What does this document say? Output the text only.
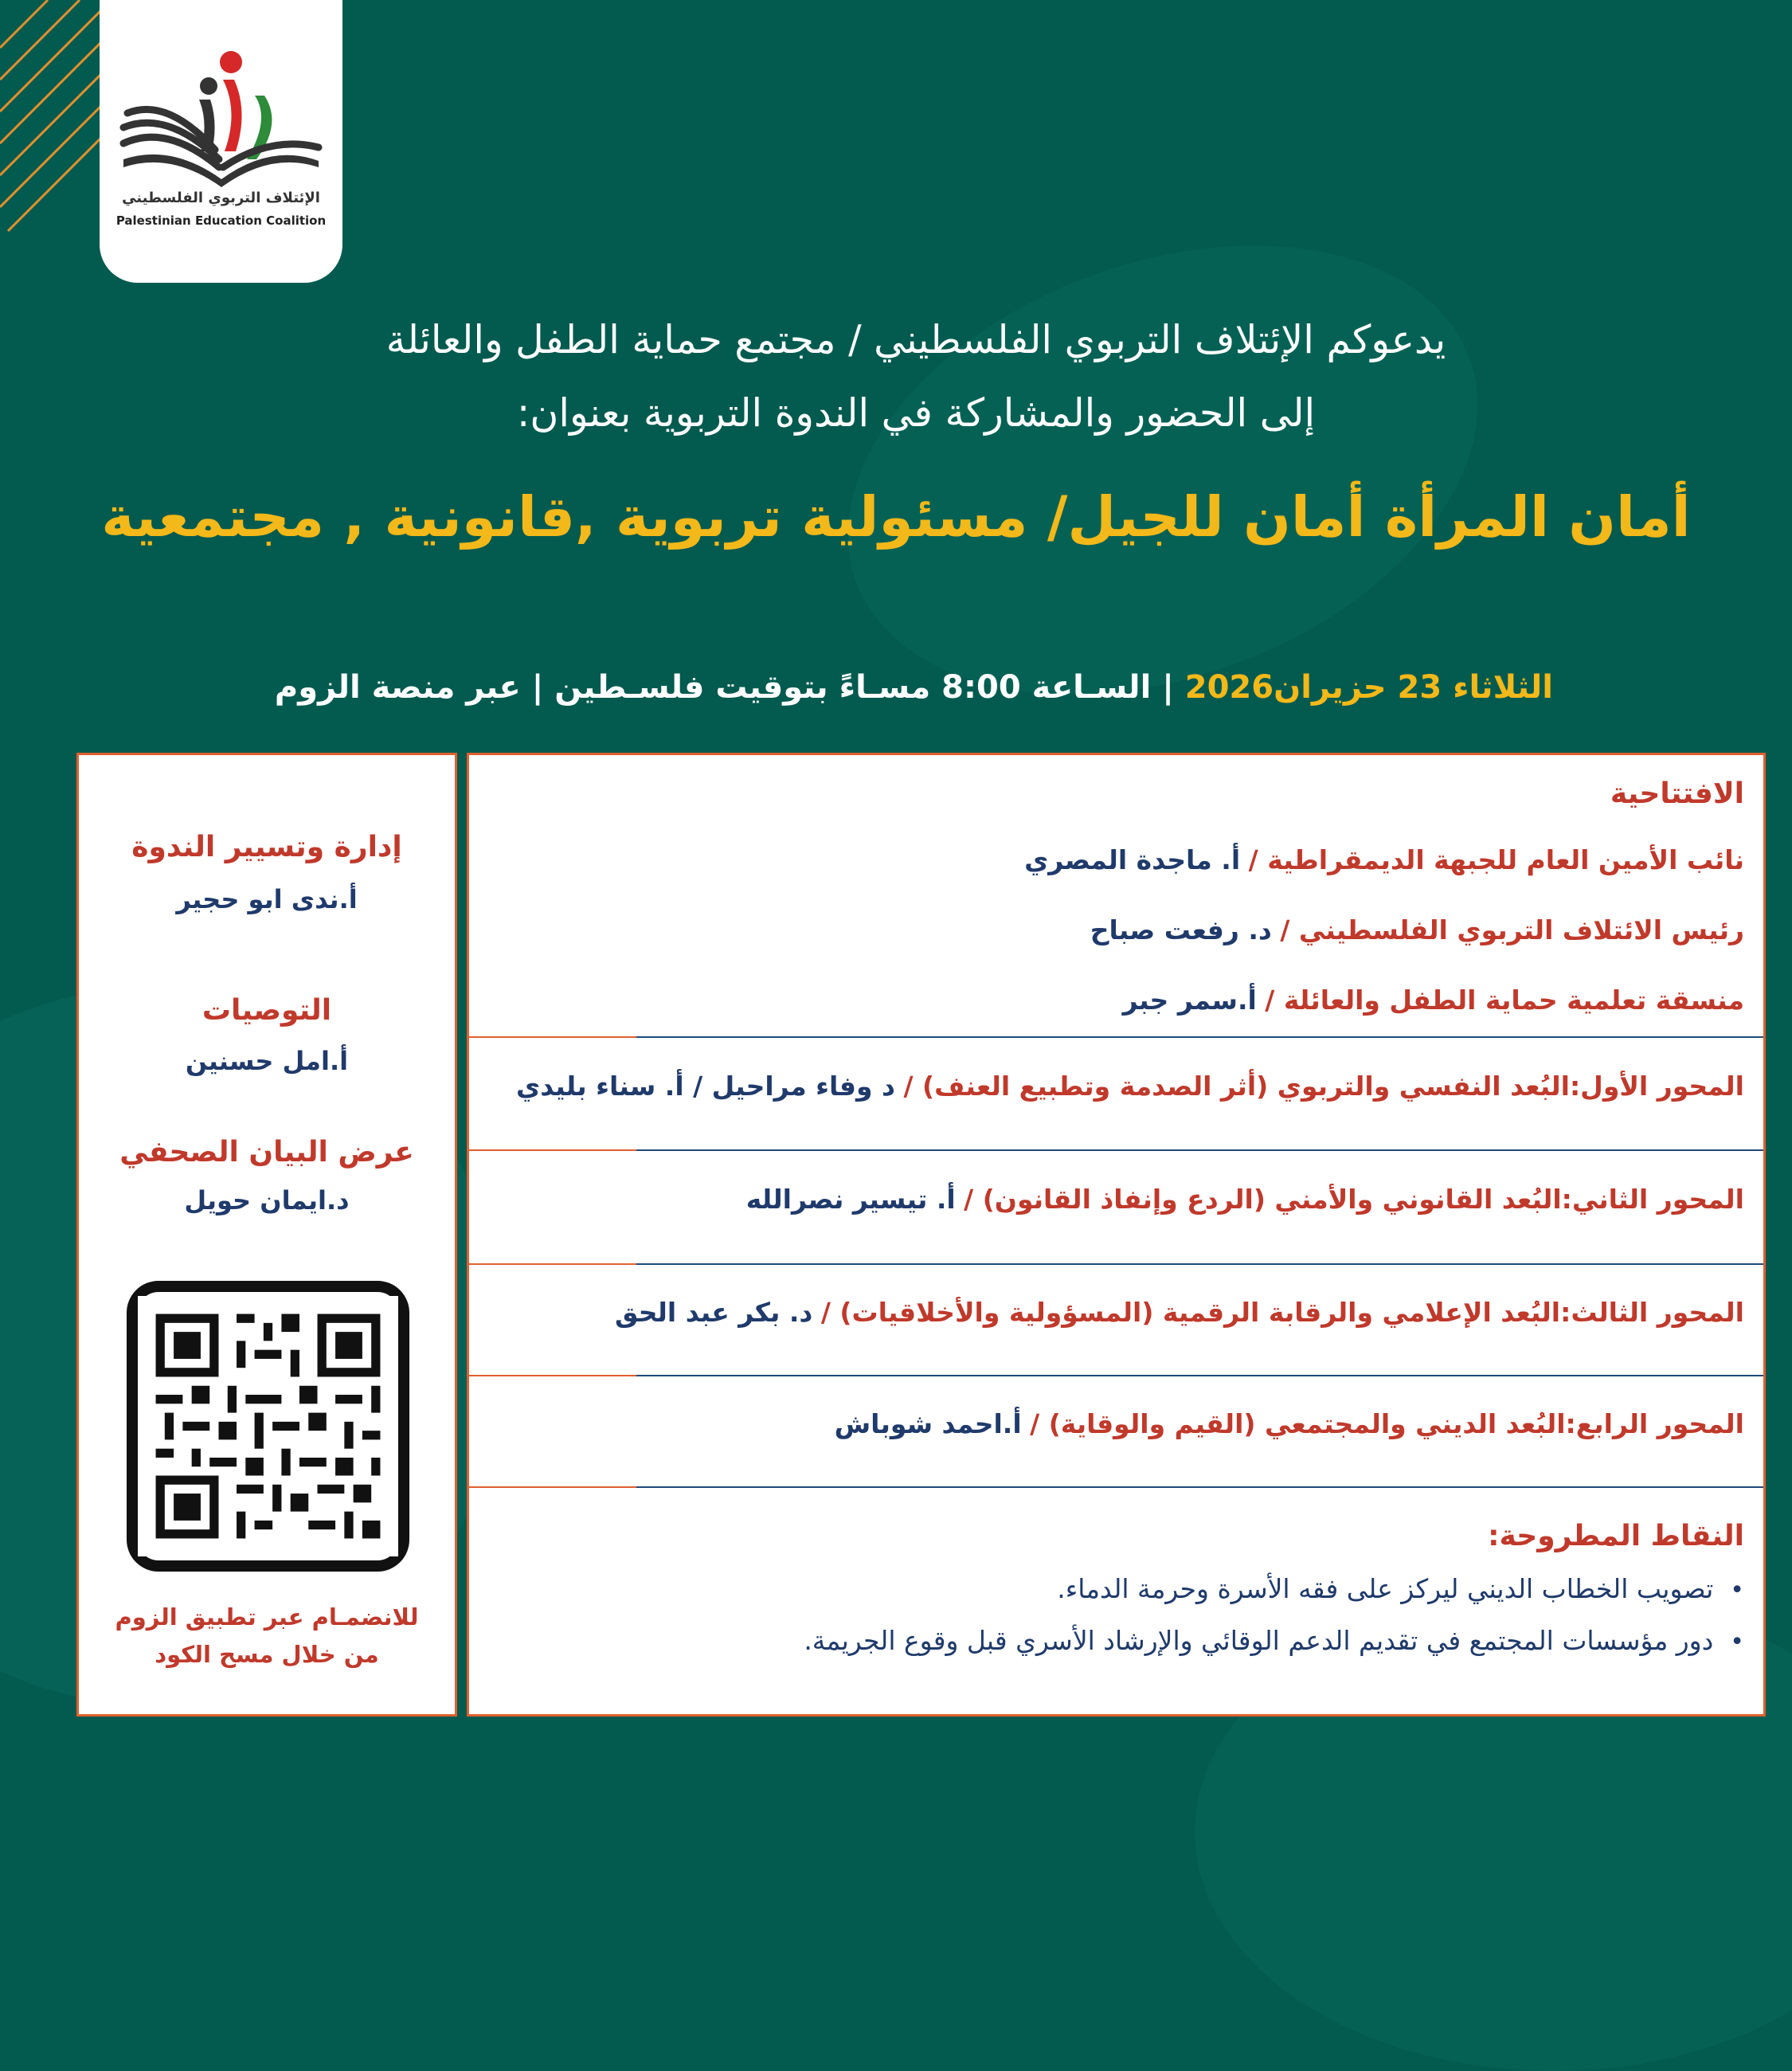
الإئتلاف التربوي الفلسطيني
Palestinian Education Coalition
يدعوكم الإئتلاف التربوي الفلسطيني / مجتمع حماية الطفل والعائلة
إلى الحضور والمشاركة في الندوة التربوية بعنوان:
أمان المرأة أمان للجيل/ مسئولية تربوية ,قانونية , مجتمعية
الثلاثاء 23 حزيران2026 | السـاعة 8:00 مسـاءً بتوقيت فلسـطين | عبر منصة الزوم
الافتتاحية
نائب الأمين العام للجبهة الديمقراطية / أ. ماجدة المصري
رئيس الائتلاف التربوي الفلسطيني / د. رفعت صباح
منسقة تعلمية حماية الطفل والعائلة / أ.سمر جبر
المحور الأول:البُعد النفسي والتربوي (أثر الصدمة وتطبيع العنف) / د وفاء مراحيل / أ. سناء بليدي
المحور الثاني:البُعد القانوني والأمني (الردع وإنفاذ القانون) / أ. تيسير نصرالله
المحور الثالث:البُعد الإعلامي والرقابة الرقمية (المسؤولية والأخلاقيات) / د. بكر عبد الحق
المحور الرابع:البُعد الديني والمجتمعي (القيم والوقاية) / أ.احمد شوباش
النقاط المطروحة:
•  تصويب الخطاب الديني ليركز على فقه الأسرة وحرمة الدماء.
•  دور مؤسسات المجتمع في تقديم الدعم الوقائي والإرشاد الأسري قبل وقوع الجريمة.
إدارة وتسيير الندوة
أ.ندى ابو حجير
التوصيات
أ.امل حسنين
عرض البيان الصحفي
د.ايمان حويل
للانضمـام عبر تطبيق الزوم
من خلال مسح الكود
